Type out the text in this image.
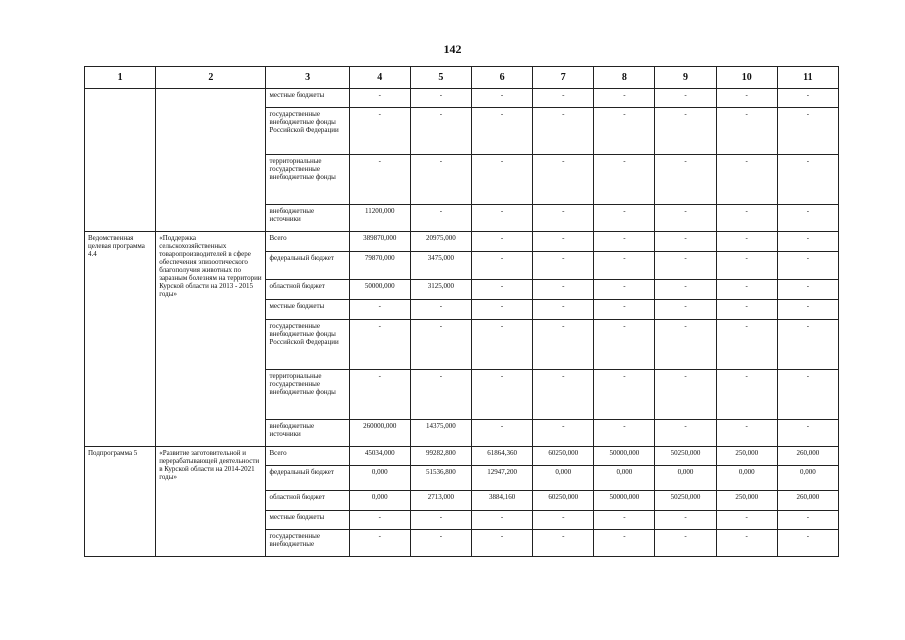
142
1	2	3	4	5	6	7	8	9	10	11
		местные бюджеты	-	-	-	-	-	-	-	-
		государственные внебюджетные фонды Российской Федерации	-	-	-	-	-	-	-	-
		территориальные государственные внебюджетные фонды	-	-	-	-	-	-	-	-
		внебюджетные источники	11200,000	-	-	-	-	-	-	-
Ведомственная целевая программа 4.4	«Поддержка сельскохозяйственных товаропроизводителей в сфере обеспечения эпизоотического благополучия животных по заразным болезням на территории Курской области на 2013 - 2015 годы»	Всего	389870,000	20975,000	-	-	-	-	-	-
		федеральный бюджет	79870,000	3475,000	-	-	-	-	-	-
		областной бюджет	50000,000	3125,000	-	-	-	-	-	-
		местные бюджеты	-	-	-	-	-	-	-	-
		государственные внебюджетные фонды Российской Федерации	-	-	-	-	-	-	-	-
		территориальные государственные внебюджетные фонды	-	-	-	-	-	-	-	-
		внебюджетные источники	260000,000	14375,000	-	-	-	-	-	-
Подпрограмма 5	«Развитие заготовительной и перерабатывающей деятельности в Курской области на 2014-2021 годы»	Всего	45034,000	99282,800	61864,360	60250,000	50000,000	50250,000	250,000	260,000
		федеральный бюджет	0,000	51536,800	12947,200	0,000	0,000	0,000	0,000	0,000
		областной бюджет	0,000	2713,000	3884,160	60250,000	50000,000	50250,000	250,000	260,000
		местные бюджеты	-	-	-	-	-	-	-	-
		государственные внебюджетные	-	-	-	-	-	-	-	-
